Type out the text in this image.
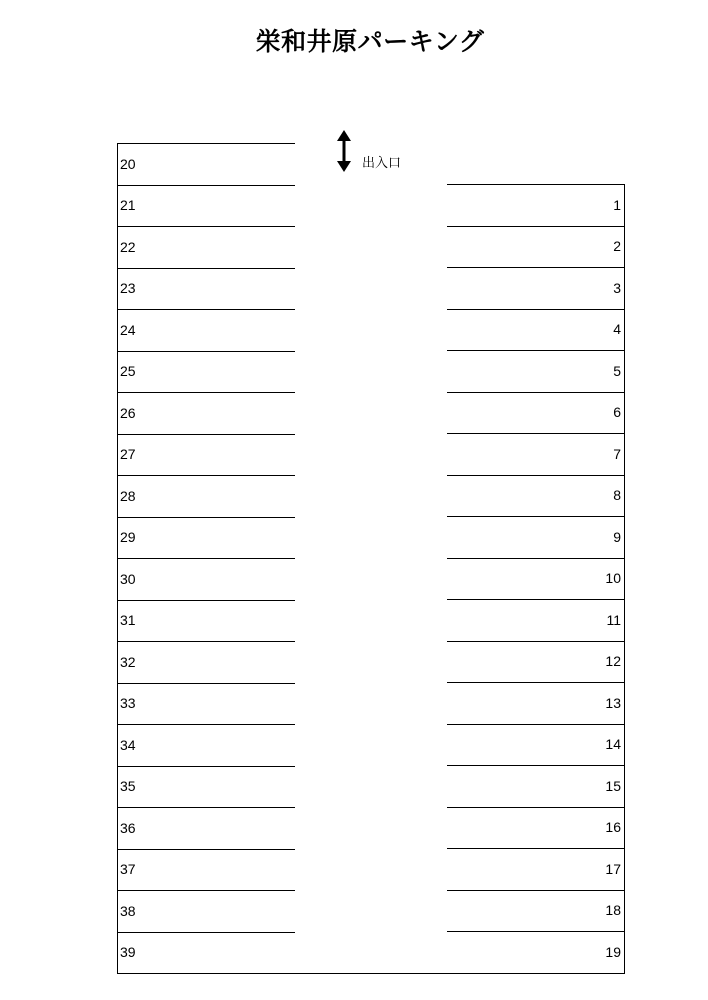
栄和井原パーキング
出入口
20
21
22
23
24
25
26
27
28
29
30
31
32
33
34
35
36
37
38
39
1
2
3
4
5
6
7
8
9
10
11
12
13
14
15
16
17
18
19
